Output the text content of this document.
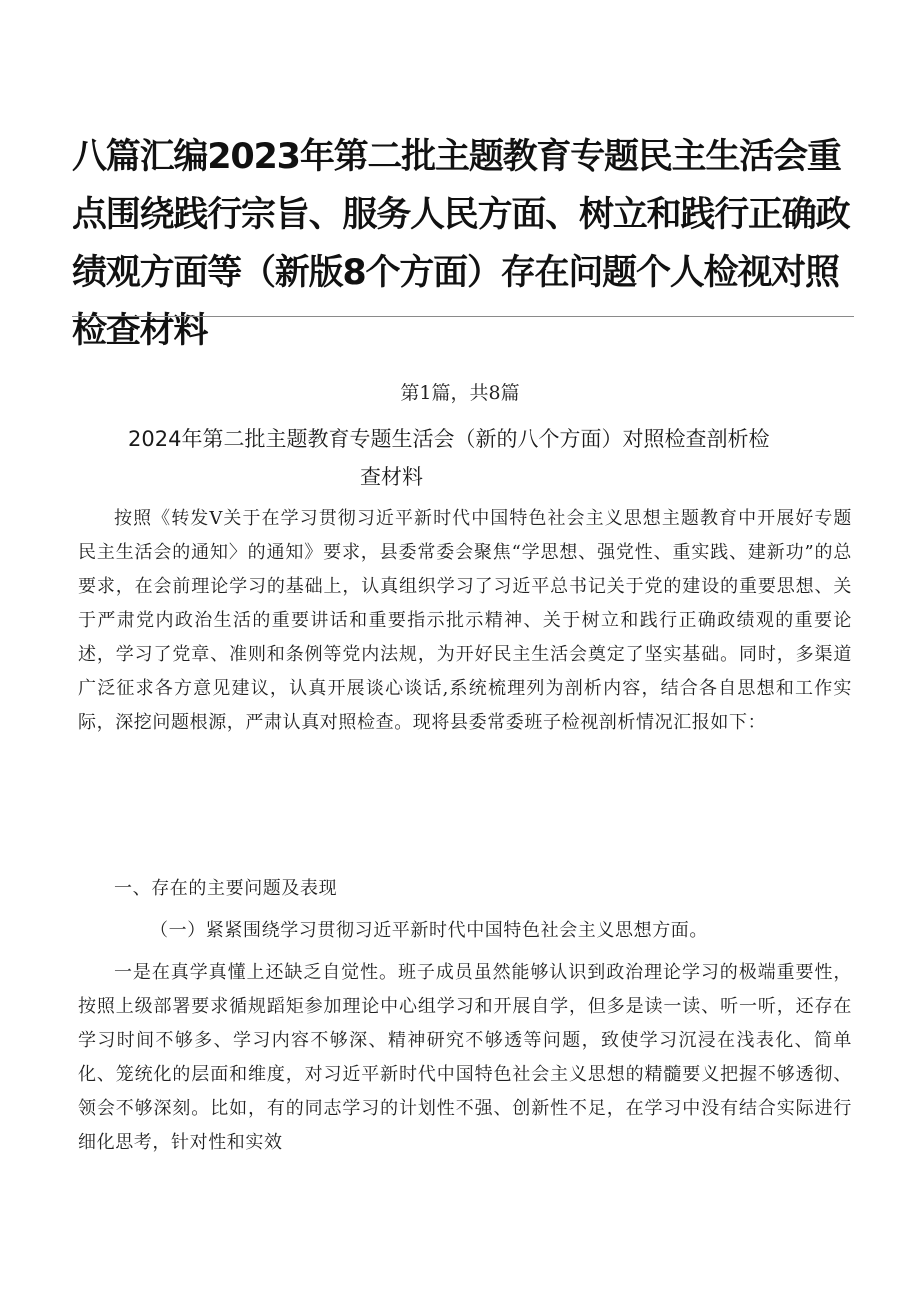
八篇汇编2023年第二批主题教育专题民主生活会重点围绕践行宗旨、服务人民方面、树立和践行正确政绩观方面等（新版8个方面）存在问题个人检视对照检查材料
第1篇，共8篇
2024年第二批主题教育专题生活会（新的八个方面）对照检查剖析检
查材料

按照《转发V关于在学习贯彻习近平新时代中国特色社会主义思想主题教育中开展好专题民主生活会的通知〉的通知》要求，县委常委会聚焦“学思想、强党性、重实践、建新功”的总要求，在会前理论学习的基础上，认真组织学习了习近平总书记关于党的建设的重要思想、关于严肃党内政治生活的重要讲话和重要指示批示精神、关于树立和践行正确政绩观的重要论述，学习了党章、准则和条例等党内法规，为开好民主生活会奠定了坚实基础。同时，多渠道广泛征求各方意见建议，认真开展谈心谈话,系统梳理列为剖析内容，结合各自思想和工作实际，深挖问题根源，严肃认真对照检查。现将县委常委班子检视剖析情况汇报如下：

一、存在的主要问题及表现

（一）紧紧围绕学习贯彻习近平新时代中国特色社会主义思想方面。

一是在真学真懂上还缺乏自觉性。班子成员虽然能够认识到政治理论学习的极端重要性，按照上级部署要求循规蹈矩参加理论中心组学习和开展自学，但多是读一读、听一听，还存在学习时间不够多、学习内容不够深、精神研究不够透等问题，致使学习沉浸在浅表化、简单化、笼统化的层面和维度，对习近平新时代中国特色社会主义思想的精髓要义把握不够透彻、领会不够深刻。比如，有的同志学习的计划性不强、创新性不足，在学习中没有结合实际进行细化思考，针对性和实效
